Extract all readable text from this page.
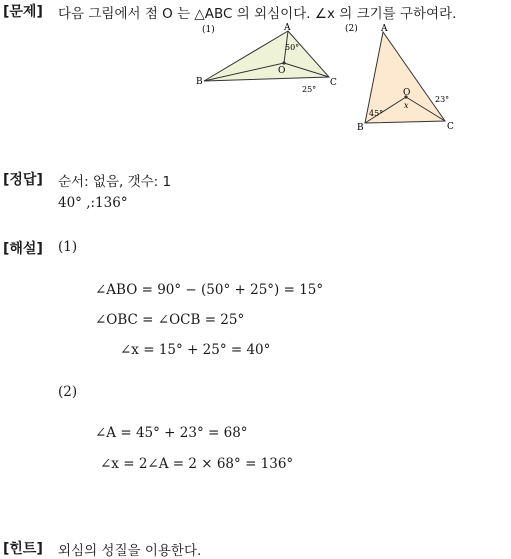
[문제] 다음 그림에서 점 O 는 △ABC 의 외심이다. ∠x 의 크기를 구하여라.
(1)	A
B	C
O
50°
25°
(2)	A
B	C
O
45°
23°
x
[정답] 순서: 없음, 갯수: 1
40° ,:136°
[해설] (1)
∠ABO = 90° − (50° + 25°) = 15°
∠OBC = ∠OCB = 25°
∠x = 15° + 25° = 40°
(2)
∠A = 45° + 23° = 68°
∠x = 2∠A = 2 × 68° = 136°
[힌트] 외심의 성질을 이용한다.
